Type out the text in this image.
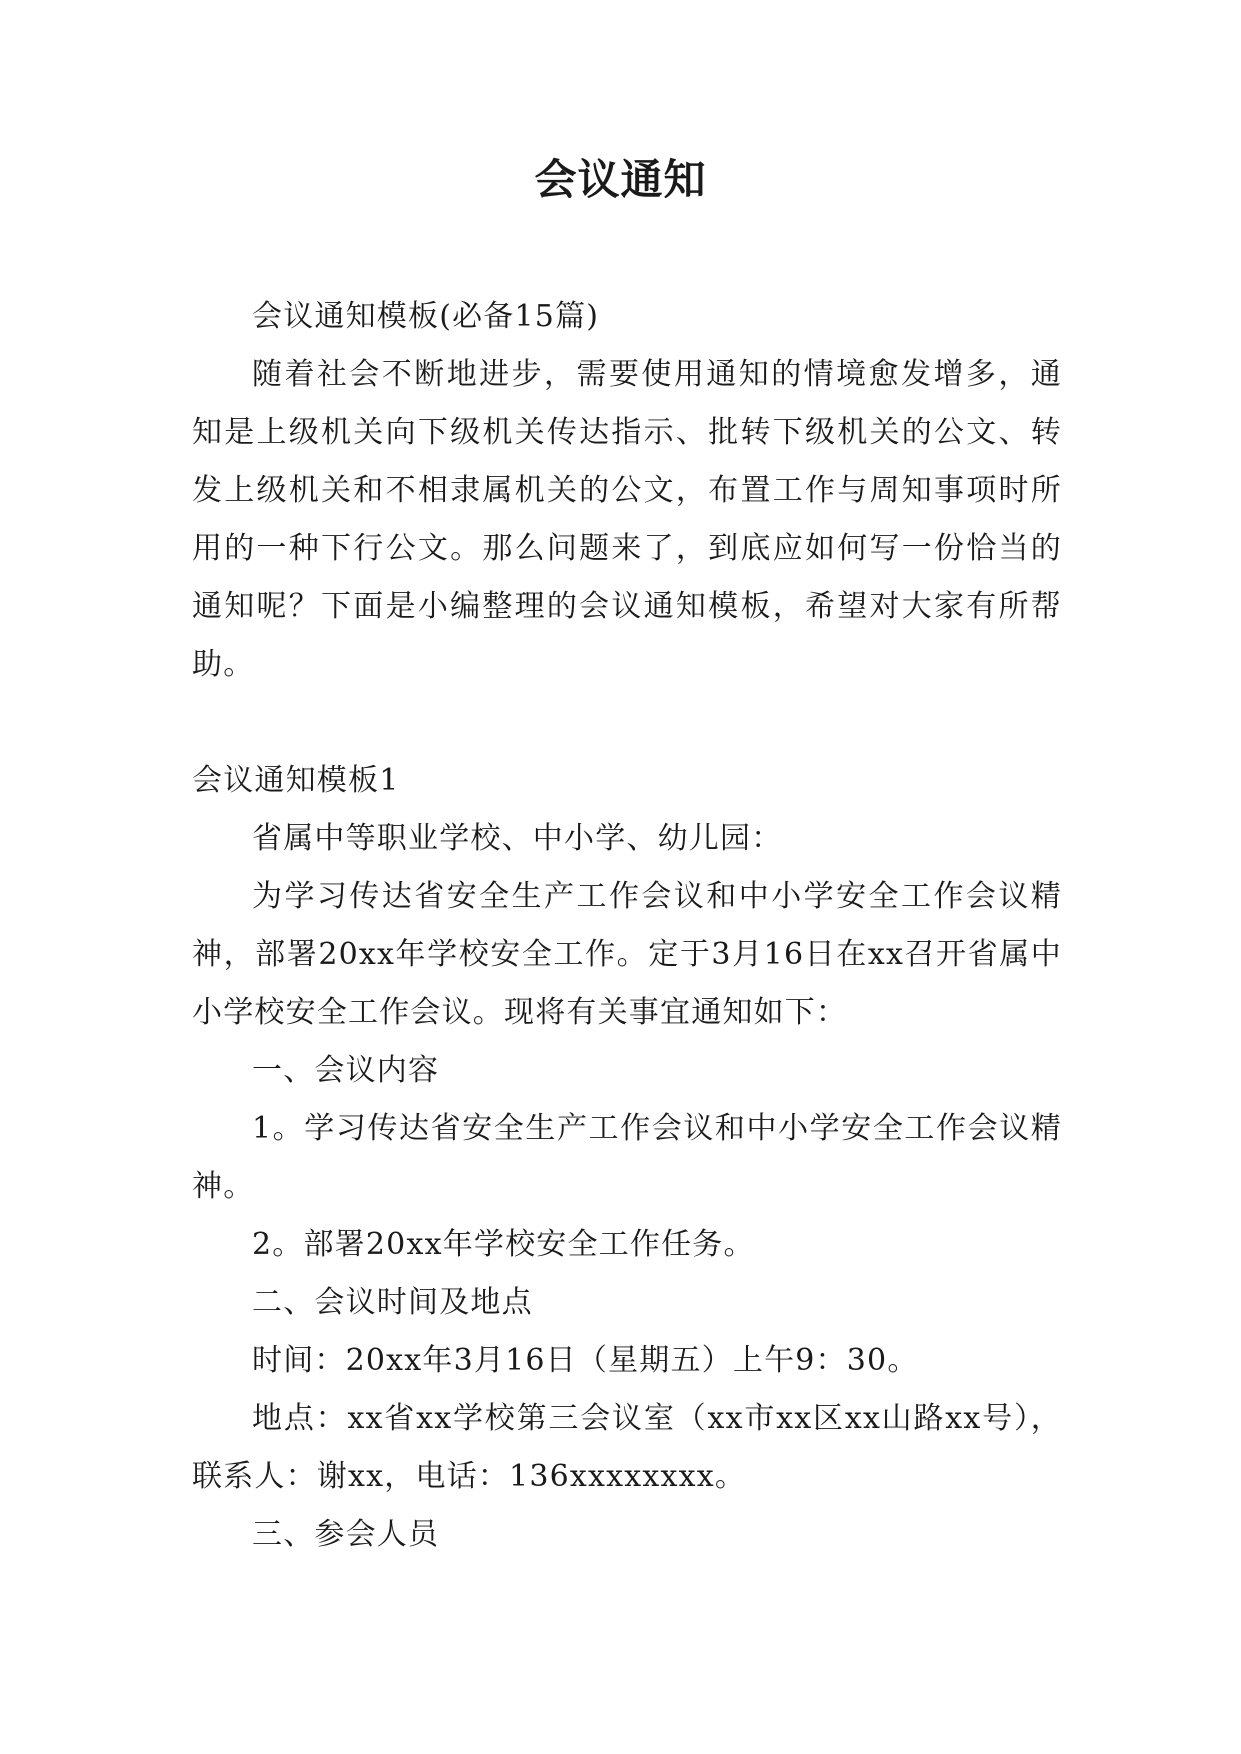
会议通知

会议通知模板(必备15篇)

随着社会不断地进步，需要使用通知的情境愈发增多，通知是上级机关向下级机关传达指示、批转下级机关的公文、转发上级机关和不相隶属机关的公文，布置工作与周知事项时所用的一种下行公文。那么问题来了，到底应如何写一份恰当的通知呢？下面是小编整理的会议通知模板，希望对大家有所帮助。

会议通知模板1

省属中等职业学校、中小学、幼儿园：

为学习传达省安全生产工作会议和中小学安全工作会议精神，部署20xx年学校安全工作。定于3月16日在xx召开省属中小学校安全工作会议。现将有关事宜通知如下：

一、会议内容

1。学习传达省安全生产工作会议和中小学安全工作会议精神。

2。部署20xx年学校安全工作任务。

二、会议时间及地点

时间：20xx年3月16日（星期五）上午9：30。

地点：xx省xx学校第三会议室（xx市xx区xx山路xx号），联系人：谢xx，电话：136xxxxxxxx。

三、参会人员
